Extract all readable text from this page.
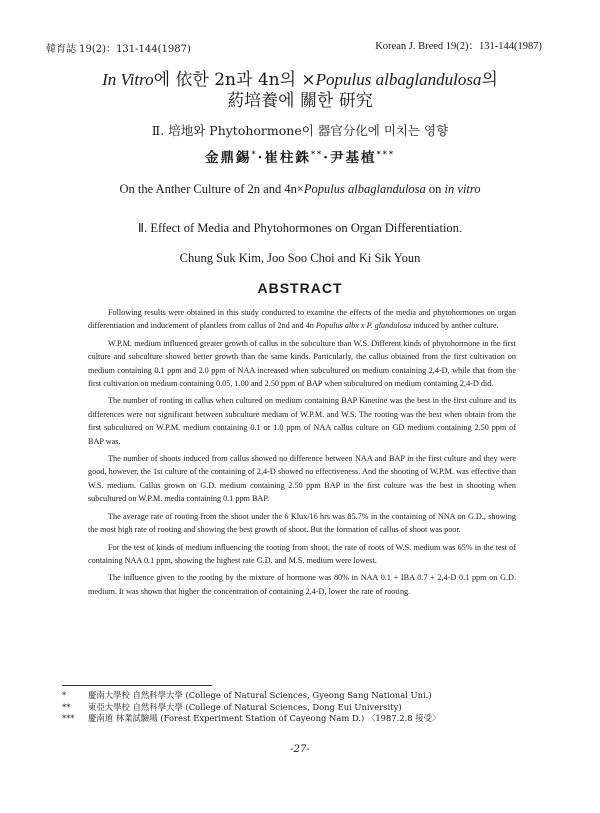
韓育誌 19(2)：131-144(1987)	Korean J. Breed 19(2)：131-144(1987)
In Vitro에 依한 2n과 4n의 ×Populus albaglandulosa의
葯培養에 關한 研究
Ⅱ. 培地와 Phytohormone이 器官分化에 미치는 영향
金鼎錫*·崔柱銖**·尹基植***
On the Anther Culture of 2n and 4n×Populus albaglandulosa on in vitro
Ⅱ. Effect of Media and Phytohormones on Organ Differentiation.
Chung Suk Kim, Joo Soo Choi and Ki Sik Youn
ABSTRACT

Following results were obtained in this study conducted to examine the effects of the media and phytohormones on organ differentiation and inducement of plantlets from callus of 2nd and 4n Populus albx x P. glandulosa induced by anther culture.

W.P.M. medium influenced greater growth of callus in the subculture than W.S. Different kinds of phytohormone in the first culture and subculture showed better growth than the same kinds. Particularly, the callus obtained from the first cultivation on medium containing 0.1 ppm and 2.0 ppm of NAA increased when subcultured on medium containing 2,4-D, while that from the first cultivation on medium containing 0.05, 1.00 and 2.50 ppm of BAP when subcultured on medium containing 2,4-D did.

The number of rooting in callus when cultured on medium containing BAP Kinetine was the best in the first culture and its differences were not significant between subculture mediam of W.P.M. and W.S. The rooting was the best when obtain from the first subcultured on W.P.M. medium containing 0.1 or 1.0 ppm of NAA callus culture on GD medium containing 2.50 ppm of BAP was.

The number of shoots induced from callus showed no difference between NAA and BAP in the first culture and they were good, however, the 1st culture of the containing of 2,4-D showed no effectiveness. And the shooting of W.P.M. was effective than W.S. medium. Callus grown on G.D. medium containing 2.50 ppm BAP in the first culture was the best in shooting when subcultured on W.P.M. media containing 0.1 ppm BAP.

The average rate of rooting from the shoot under the 6 Klux/16 hrs was 85.7% in the containing of NNA on G.D., showing the most high rate of rooting and showing the best growth of shoot. But the formation of callus of shoot was poor.

For the test of kinds of medium influencing the rooting from shoot, the rate of roots of W.S. medium was 65% in the test of containing NAA 0.1 ppm, showing the highest rate G.D. and M.S. medium were lowest.

The influence given to the rooting by the mixture of hormone was 80% in NAA 0.1 + IBA 0.7 + 2,4-D 0.1 ppm on G.D. medium. It was shown that higher the concentration of containing 2,4-D, lower the rate of rooting.

*	慶南大學校 自然科學大學 (College of Natural Sciences, Gyeong Sang National Uni.)
** 東亞大學校 自然科學大學 (College of Natural Sciences, Dong Eui University)
*** 慶南道 林業試驗場 (Forest Experiment Station of Cayeong Nam D.) 〈1987.2.8 接受〉
-27-
